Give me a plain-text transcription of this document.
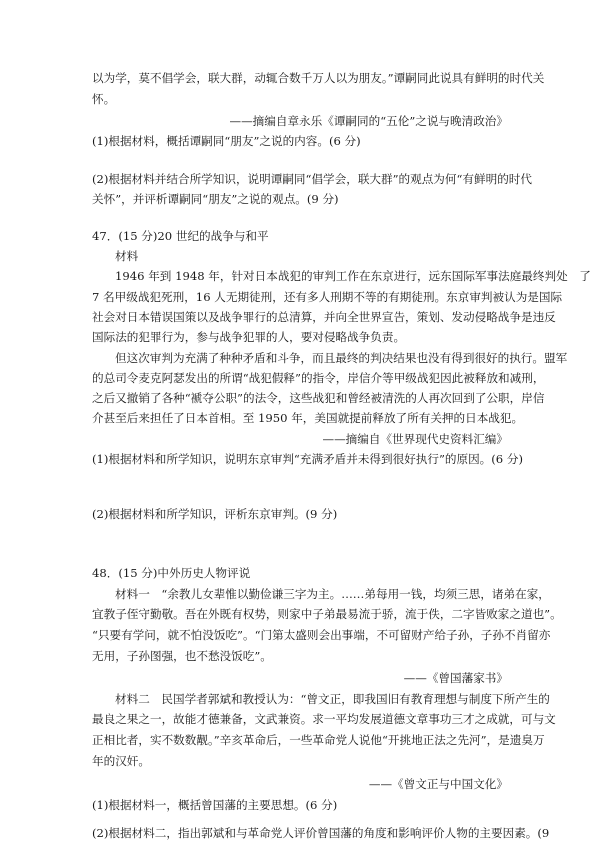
以为学，莫不倡学会，联大群，动辄合数千万人以为朋友。”谭嗣同此说具有鲜明的时代关
怀。
——摘编自章永乐《谭嗣同的“五伦”之说与晚清政治》
(1)根据材料，概括谭嗣同“朋友”之说的内容。(6 分)
(2)根据材料并结合所学知识，说明谭嗣同“倡学会，联大群”的观点为何“有鲜明的时代
关怀”，并评析谭嗣同“朋友”之说的观点。(9 分)
47．(15 分)20 世纪的战争与和平
材料
1946 年到 1948 年，针对日本战犯的审判工作在东京进行，远东国际军事法庭最终判处　了
7 名甲级战犯死刑，16 人无期徒刑，还有多人刑期不等的有期徒刑。东京审判被认为是国际
社会对日本错误国策以及战争罪行的总清算，并向全世界宣告，策划、发动侵略战争是违反
国际法的犯罪行为，参与战争犯罪的人，要对侵略战争负责。
但这次审判为充满了种种矛盾和斗争，而且最终的判决结果也没有得到很好的执行。盟军
的总司令麦克阿瑟发出的所谓“战犯假释”的指令，岸信介等甲级战犯因此被释放和减刑，
之后又撤销了各种“褫夺公职”的法令，这些战犯和曾经被清洗的人再次回到了公职，岸信
介甚至后来担任了日本首相。至 1950 年，美国就提前释放了所有关押的日本战犯。
——摘编自《世界现代史资料汇编》
(1)根据材料和所学知识，说明东京审判“充满矛盾并未得到很好执行”的原因。(6 分)
(2)根据材料和所学知识，评析东京审判。(9 分)
48．(15 分)中外历史人物评说
材料一　“余教儿女辈惟以勤俭谦三字为主。……弟每用一钱，均须三思，诸弟在家，
宜教子侄守勤敬。吾在外既有权势，则家中子弟最易流于骄，流于佚，二字皆败家之道也”。
“只要有学问，就不怕没饭吃”。“门第太盛则会出事端，不可留财产给子孙，子孙不肖留亦
无用，子孙图强，也不愁没饭吃”。
——《曾国藩家书》
材料二　民国学者郭斌和教授认为：“曾文正，即我国旧有教育理想与制度下所产生的
最良之果之一，故能才德兼备，文武兼资。求一平均发展道德文章事功三才之成就，可与文
正相比者，实不数数觏。”辛亥革命后，一些革命党人说他“开挑地正法之先河”，是遗臭万
年的汉奸。
——《曾文正与中国文化》
(1)根据材料一，概括曾国藩的主要思想。(6 分)
(2)根据材料二，指出郭斌和与革命党人评价曾国藩的角度和影响评价人物的主要因素。(9
